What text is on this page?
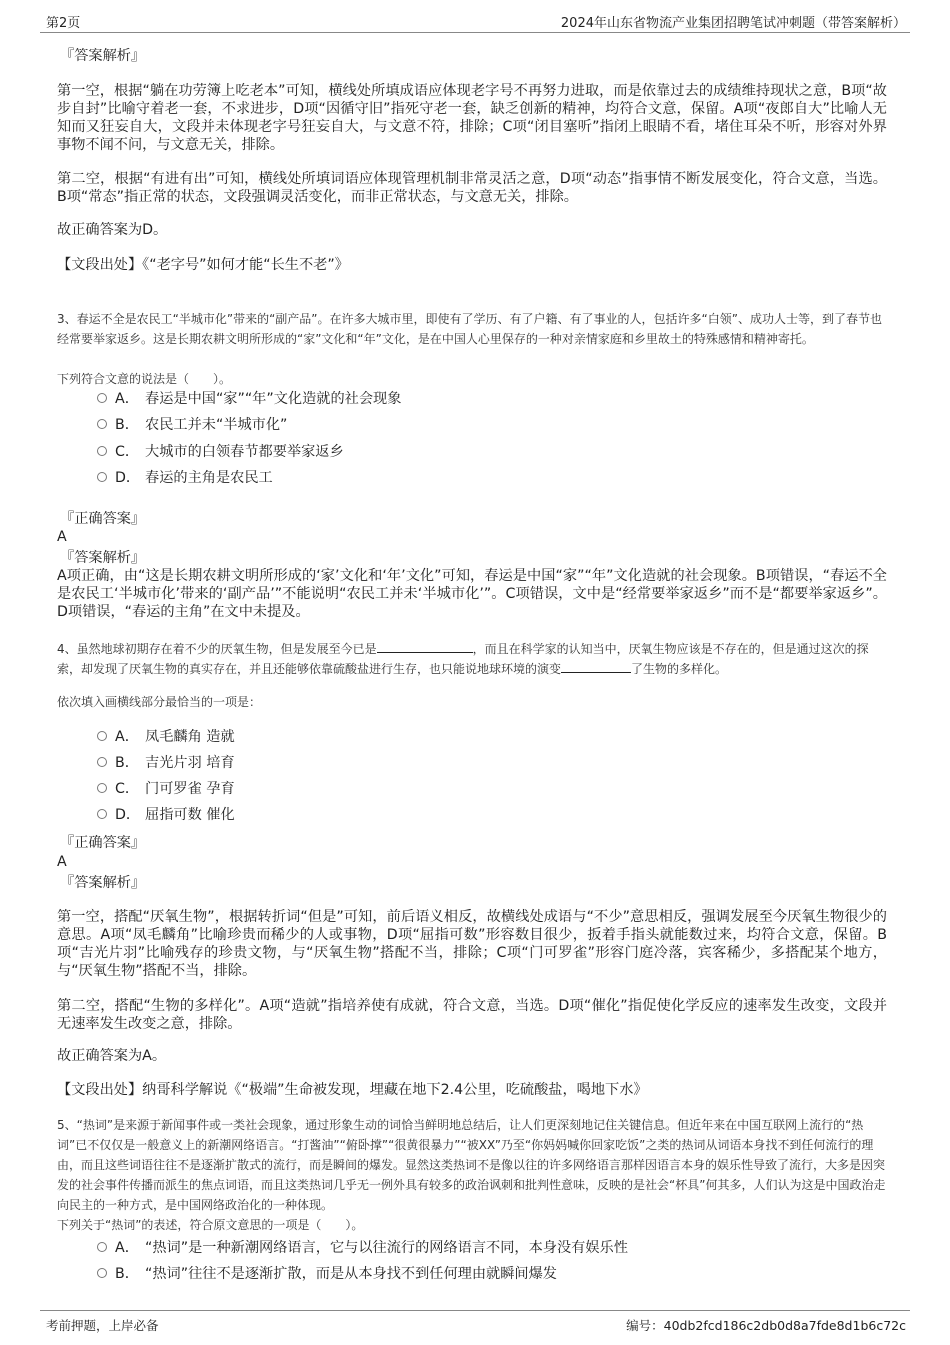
第2页	2024年山东省物流产业集团招聘笔试冲刺题（带答案解析）
『答案解析』
第一空，根据“躺在功劳簿上吃老本”可知，横线处所填成语应体现老字号不再努力进取，而是依靠过去的成绩维持现状之意，B项“故步自封”比喻守着老一套，不求进步，D项“因循守旧”指死守老一套，缺乏创新的精神，均符合文意，保留。A项“夜郎自大”比喻人无知而又狂妄自大，文段并未体现老字号狂妄自大，与文意不符，排除；C项“闭目塞听”指闭上眼睛不看，堵住耳朵不听，形容对外界事物不闻不问，与文意无关，排除。
第二空，根据“有进有出”可知，横线处所填词语应体现管理机制非常灵活之意，D项“动态”指事情不断发展变化，符合文意，当选。B项“常态”指正常的状态，文段强调灵活变化，而非正常状态，与文意无关，排除。
故正确答案为D。
【文段出处】《“老字号”如何才能“长生不老”》
3、春运不全是农民工“半城市化”带来的“副产品”。在许多大城市里，即使有了学历、有了户籍、有了事业的人，包括许多“白领”、成功人士等，到了春节也经常要举家返乡。这是长期农耕文明所形成的“家”文化和“年”文化，是在中国人心里保存的一种对亲情家庭和乡里故土的特殊感情和精神寄托。
下列符合文意的说法是（　　）。
A． 春运是中国“家”“年”文化造就的社会现象
B． 农民工并未“半城市化”
C． 大城市的白领春节都要举家返乡
D． 春运的主角是农民工
『正确答案』
A
『答案解析』
A项正确，由“这是长期农耕文明所形成的‘家’文化和‘年’文化”可知，春运是中国“家”“年”文化造就的社会现象。B项错误，“春运不全是农民工‘半城市化’带来的‘副产品’”不能说明“农民工并未‘半城市化’”。C项错误，文中是“经常要举家返乡”而不是“都要举家返乡”。D项错误，“春运的主角”在文中未提及。
4、虽然地球初期存在着不少的厌氧生物，但是发展至今已是	，而且在科学家的认知当中，厌氧生物应该是不存在的，但是通过这次的探索，却发现了厌氧生物的真实存在，并且还能够依靠硫酸盐进行生存，也只能说地球环境的演变	了生物的多样化。
依次填入画横线部分最恰当的一项是：
A． 凤毛麟角 造就
B． 吉光片羽 培育
C． 门可罗雀 孕育
D． 屈指可数 催化
『正确答案』
A
『答案解析』
第一空，搭配“厌氧生物”，根据转折词“但是”可知，前后语义相反，故横线处成语与“不少”意思相反，强调发展至今厌氧生物很少的意思。A项“凤毛麟角”比喻珍贵而稀少的人或事物，D项“屈指可数”形容数目很少，扳着手指头就能数过来，均符合文意，保留。B项“吉光片羽”比喻残存的珍贵文物，与“厌氧生物”搭配不当，排除；C项“门可罗雀”形容门庭冷落，宾客稀少，多搭配某个地方，与“厌氧生物”搭配不当，排除。
第二空，搭配“生物的多样化”。A项“造就”指培养使有成就，符合文意，当选。D项“催化”指促使化学反应的速率发生改变，文段并无速率发生改变之意，排除。
故正确答案为A。
【文段出处】纳哥科学解说《“极端”生命被发现，埋藏在地下2.4公里，吃硫酸盐，喝地下水》
5、“热词”是来源于新闻事件或一类社会现象，通过形象生动的词恰当鲜明地总结后，让人们更深刻地记住关键信息。但近年来在中国互联网上流行的“热词”已不仅仅是一般意义上的新潮网络语言。“打酱油”“俯卧撑”“很黄很暴力”“被XX”乃至“你妈妈喊你回家吃饭”之类的热词从词语本身找不到任何流行的理由，而且这些词语往往不是逐渐扩散式的流行，而是瞬间的爆发。显然这类热词不是像以往的许多网络语言那样因语言本身的娱乐性导致了流行，大多是因突发的社会事件传播而派生的焦点词语，而且这类热词几乎无一例外具有较多的政治讽刺和批判性意味，反映的是社会“杯具”何其多，人们认为这是中国政治走向民主的一种方式，是中国网络政治化的一种体现。
下列关于“热词”的表述，符合原文意思的一项是（　　）。
A． “热词”是一种新潮网络语言，它与以往流行的网络语言不同，本身没有娱乐性
B． “热词”往往不是逐渐扩散，而是从本身找不到任何理由就瞬间爆发
考前押题，上岸必备	编号：40db2fcd186c2db0d8a7fde8d1b6c72c
